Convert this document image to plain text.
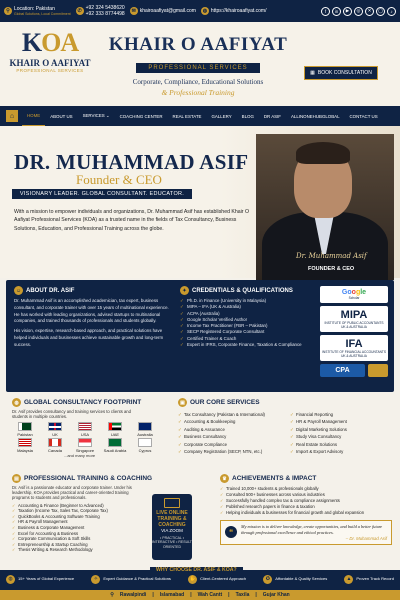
⚲ Location: Pakistan
Global Solutions, Local Commitment	✆ +92 324 5438620
+92 333 8774498	✉ khairoaafiyat@gmail.com	◍ https://khairoaafiyat.com/	f	in	▶	◎	✕	◯	♪
KOA
KHAIR O AAFIYAT
PROFESSIONAL SERVICES
KHAIR O AAFIYAT
PROFESSIONAL SERVICES
Corporate, Compliance, Educational Solutions
& Professional Training
▦ BOOK CONSULTATION
⌂	HOME	ABOUT US	SERVICES ⌄	COACHING CENTER	REAL ESTATE	GALLERY	BLOG	DR ASIF	ALLINONEHUBGLOBAL	CONTACT US
DR. MUHAMMAD ASIF
Founder & CEO
VISIONARY LEADER. GLOBAL CONSULTANT. EDUCATOR.
With a mission to empower individuals and organizations, Dr. Muhammad Asif has established Khair O Aafiyat Professional Services (KOA) as a trusted name in the fields of Tax Consultancy, Business Solutions, Education, and Professional Training across the globe.
Dr. Muhammad Asif
FOUNDER & CEO
☺ ABOUT DR. ASIF

Dr. Muhammad Asif is an accomplished academician, tax expert, business consultant, and corporate trainer with over 15 years of multinational experience. He has worked with leading organizations, advised startups to multinational companies, and trained thousands of professionals and students globally.

His vision, expertise, research-based approach, and practical solutions have helped individuals and businesses achieve sustainable growth and long-term success.

✦ CREDENTIALS & QUALIFICATIONS
✓ Ph.D. in Finance (University in Malaysia)
✓ MIPA – IFA (UK & Australia)
✓ ACPA (Australia)
✓ Google Scholar Verified Author
✓ Income Tax Practitioner (FBR – Pakistan)
✓ SECP Registered Corporate Consultant
✓ Certified Trainer & Coach
✓ Expert in IFRS, Corporate Finance, Taxation & Compliance
Google
Scholar
MIPA
INSTITUTE OF PUBLIC ACCOUNTANTS UK & AUSTRALIA
IFA
INSTITUTE OF FINANCIAL ACCOUNTANTS UK & AUSTRALIA
CPA
◍ GLOBAL CONSULTANCY FOOTPRINT
Dr. Asif provides consultancy and training services to clients and students in multiple countries.
Pakistan	UK	USA	UAE	Australia
Malaysia	Canada	Singapore	Saudi Arabia	Cyprus
...and many more
▣ OUR CORE SERVICES
✓ Tax Consultancy (Pakistan & International)	✓ Financial Reporting
✓ Accounting & Bookkeeping	✓ HR & Payroll Management
✓ Auditing & Assurance	✓ Digital Marketing Solutions
✓ Business Consultancy	✓ Study Visa Consultancy
✓ Corporate Compliance	✓ Real Estate Solutions
✓ Company Registration (SECP, NTN, etc.)	✓ Import & Export Advisory
▤ PROFESSIONAL TRAINING & COACHING
Dr. Asif is a passionate educator and corporate trainer. Under his leadership, KOA provides practical and career-oriented training programs to students and professionals.
✓ Accounting & Finance (Beginner to Advanced)
✓ Taxation (Income Tax, Sales Tax, Corporate Tax)
✓ QuickBooks & Accounting Software Training
✓ HR & Payroll Management
✓ Business & Corporate Management
✓ Excel for Accounting & Business
✓ Corporate Communication & Soft Skills
✓ Entrepreneurship & Startup Coaching
✓ Thesis Writing & Research Methodology
LIVE ONLINE TRAINING & COACHING
VIA ZOOM
• PRACTICAL • INTERACTIVE • RESULT ORIENTED
♛ ACHIEVEMENTS & IMPACT
✓ Trained 10,000+ students & professionals globally
✓ Consulted 500+ businesses across various industries
✓ Successfully handled complex tax & compliance assignments
✓ Published research papers in finance & taxation
✓ Helping individuals & businesses for financial growth and global expansion
❝
My mission is to deliver knowledge, create opportunities, and build a better future through professional excellence and ethical practices.
– Dr. Muhammad Asif
WHY CHOOSE DR. ASIF & KOA?
◍	15+ Years of Global Experience	✧	Expert Guidance & Practical Solutions	✋	Client-Centered Approach	✪	Affordable & Quality Services	▲	Proven Track Record
⚲ Rawalpindi | Islamabad | Wah Cantt | Taxila | Gujar Khan
